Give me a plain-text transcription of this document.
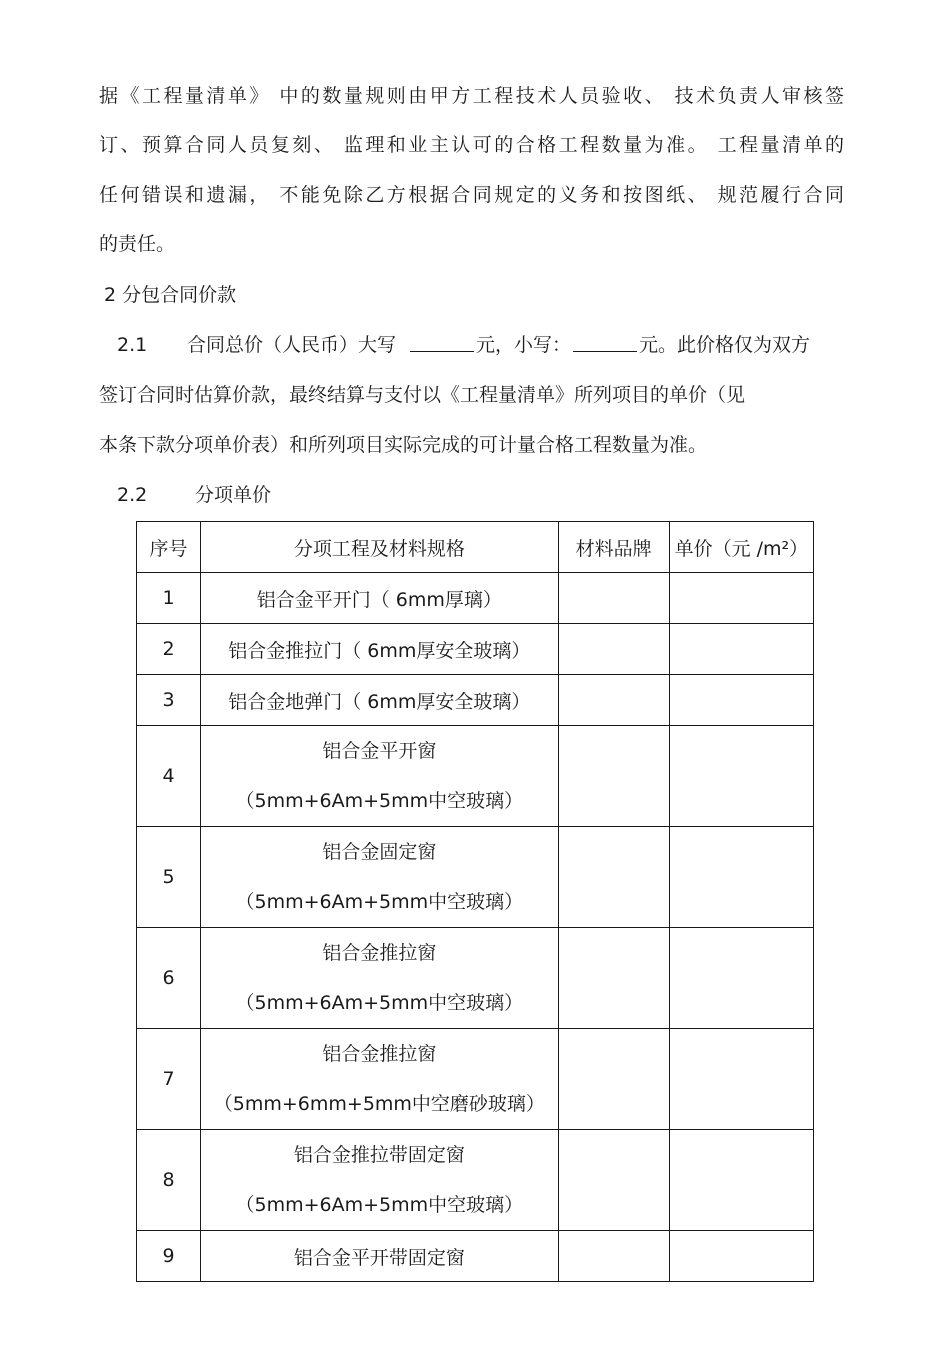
据《工程量清单》 中的数量规则由甲方工程技术人员验收、 技术负责人审核签
订、预算合同人员复刻、 监理和业主认可的合格工程数量为准。 工程量清单的
任何错误和遗漏， 不能免除乙方根据合同规定的义务和按图纸、 规范履行合同
的责任。
2 分包合同价款
2.1	合同总价（人民币）大写	元，小写：	元。此价格仅为双方
签订合同时估算价款，最终结算与支付以《工程量清单》所列项目的单价（见
本条下款分项单价表）和所列项目实际完成的可计量合格工程数量为准。
2.2	分项单价
序号	分项工程及材料规格	材料品牌	单价（元 /m²）
1	铝合金平开门（ 6mm厚璃）		
2	铝合金推拉门（ 6mm厚安全玻璃）		
3	铝合金地弹门（ 6mm厚安全玻璃）		
4	铝合金平开窗
（5mm+6Am+5mm中空玻璃）		

5	铝合金固定窗
（5mm+6Am+5mm中空玻璃）		

6	铝合金推拉窗
（5mm+6Am+5mm中空玻璃）		

7	铝合金推拉窗
（5mm+6mm+5mm中空磨砂玻璃）		

8	铝合金推拉带固定窗
（5mm+6Am+5mm中空玻璃）		

9	铝合金平开带固定窗		
